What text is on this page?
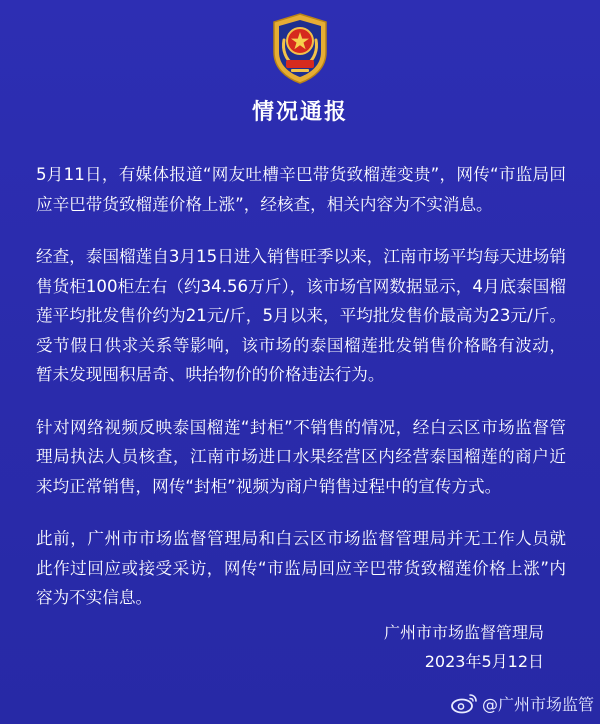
情况通报

5月11日，有媒体报道“网友吐槽辛巴带货致榴莲变贵”，网传“市监局回应辛巴带货致榴莲价格上涨”，经核查，相关内容为不实消息。

经查，泰国榴莲自3月15日进入销售旺季以来，江南市场平均每天进场销售货柜100柜左右（约34.56万斤），该市场官网数据显示，4月底泰国榴莲平均批发售价约为21元/斤，5月以来，平均批发售价最高为23元/斤。受节假日供求关系等影响，该市场的泰国榴莲批发销售价格略有波动，暂未发现囤积居奇、哄抬物价的价格违法行为。

针对网络视频反映泰国榴莲“封柜”不销售的情况，经白云区市场监督管理局执法人员核查，江南市场进口水果经营区内经营泰国榴莲的商户近来均正常销售，网传“封柜”视频为商户销售过程中的宣传方式。

此前，广州市市场监督管理局和白云区市场监督管理局并无工作人员就此作过回应或接受采访，网传“市监局回应辛巴带货致榴莲价格上涨”内容为不实信息。

广州市市场监督管理局
2023年5月12日
@广州市场监管
